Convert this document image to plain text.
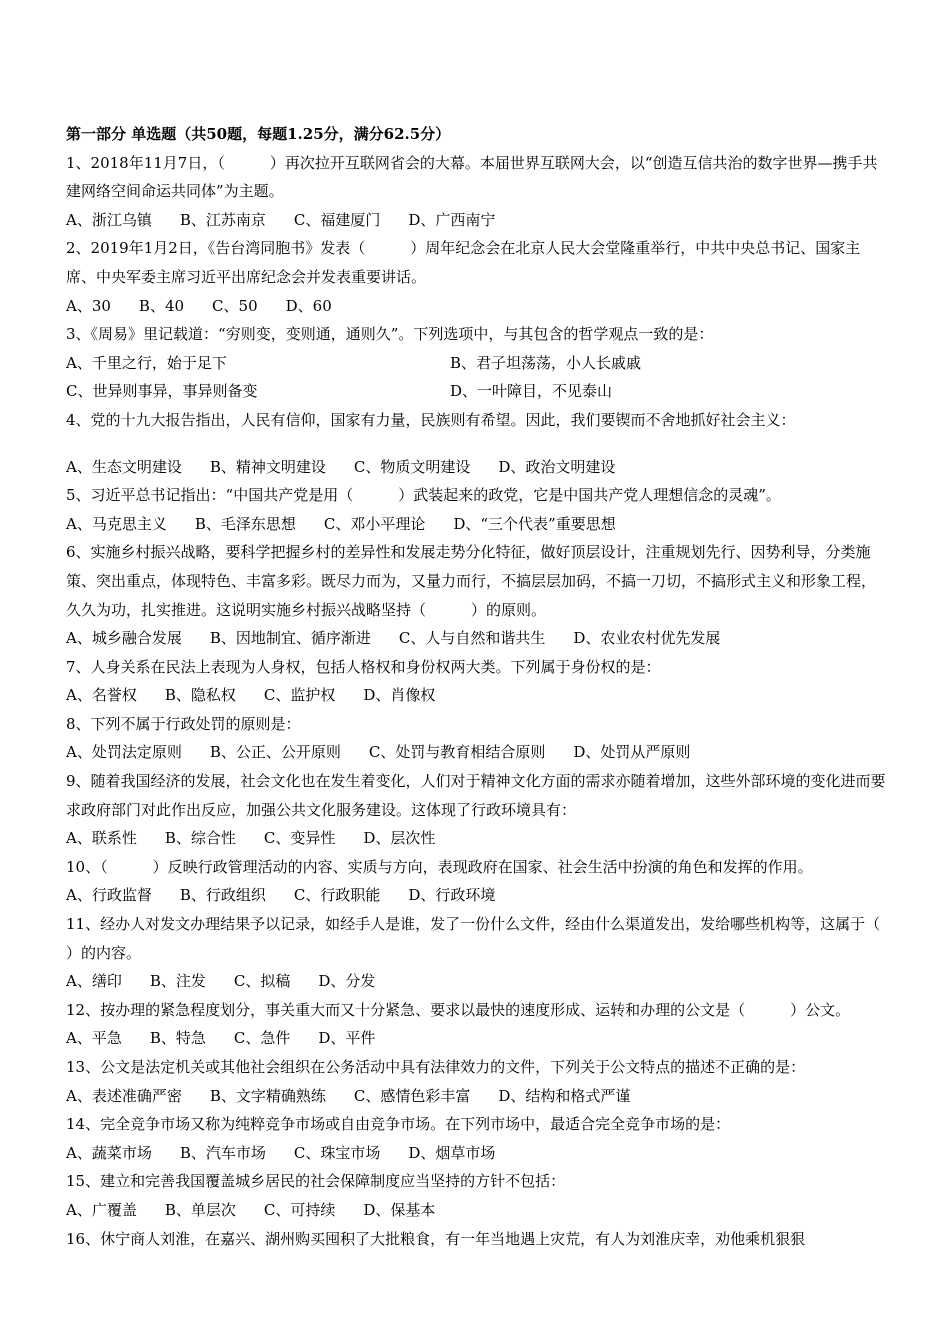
第一部分 单选题（共50题，每题1.25分，满分62.5分）
1、2018年11月7日，（　　　）再次拉开互联网省会的大幕。本届世界互联网大会，以“创造互信共治的数字世界—携手共建网络空间命运共同体”为主题。
A、浙江乌镇 B、江苏南京 C、福建厦门 D、广西南宁
2、2019年1月2日，《告台湾同胞书》发表（　　　）周年纪念会在北京人民大会堂隆重举行，中共中央总书记、国家主席、中央军委主席习近平出席纪念会并发表重要讲话。
A、30 B、40 C、50 D、60
3、《周易》里记载道：“穷则变，变则通，通则久”。下列选项中，与其包含的哲学观点一致的是：
A、千里之行，始于足下	B、君子坦荡荡，小人长戚戚
C、世异则事异，事异则备变	D、一叶障目，不见泰山
4、党的十九大报告指出，人民有信仰，国家有力量，民族则有希望。因此，我们要锲而不舍地抓好社会主义：
A、生态文明建设 B、精神文明建设 C、物质文明建设 D、政治文明建设
5、习近平总书记指出：“中国共产党是用（　　　）武装起来的政党，它是中国共产党人理想信念的灵魂”。
A、马克思主义 B、毛泽东思想 C、邓小平理论 D、“三个代表”重要思想
6、实施乡村振兴战略，要科学把握乡村的差异性和发展走势分化特征，做好顶层设计，注重规划先行、因势利导，分类施策、突出重点，体现特色、丰富多彩。既尽力而为，又量力而行，不搞层层加码，不搞一刀切，不搞形式主义和形象工程，久久为功，扎实推进。这说明实施乡村振兴战略坚持（　　　）的原则。
A、城乡融合发展 B、因地制宜、循序渐进 C、人与自然和谐共生 D、农业农村优先发展
7、人身关系在民法上表现为人身权，包括人格权和身份权两大类。下列属于身份权的是：
A、名誉权 B、隐私权 C、监护权 D、肖像权
8、下列不属于行政处罚的原则是：
A、处罚法定原则 B、公正、公开原则 C、处罚与教育相结合原则 D、处罚从严原则
9、随着我国经济的发展，社会文化也在发生着变化，人们对于精神文化方面的需求亦随着增加，这些外部环境的变化进而要求政府部门对此作出反应，加强公共文化服务建设。这体现了行政环境具有：
A、联系性 B、综合性 C、变异性 D、层次性
10、（　　　）反映行政管理活动的内容、实质与方向，表现政府在国家、社会生活中扮演的角色和发挥的作用。
A、行政监督 B、行政组织 C、行政职能 D、行政环境
11、经办人对发文办理结果予以记录，如经手人是谁，发了一份什么文件，经由什么渠道发出，发给哪些机构等，这属于（　　　）的内容。
A、缮印 B、注发 C、拟稿 D、分发
12、按办理的紧急程度划分，事关重大而又十分紧急、要求以最快的速度形成、运转和办理的公文是（　　　）公文。
A、平急 B、特急 C、急件 D、平件
13、公文是法定机关或其他社会组织在公务活动中具有法律效力的文件，下列关于公文特点的描述不正确的是：
A、表述准确严密 B、文字精确熟练 C、感情色彩丰富 D、结构和格式严谨
14、完全竞争市场又称为纯粹竞争市场或自由竞争市场。在下列市场中，最适合完全竞争市场的是：
A、蔬菜市场 B、汽车市场 C、珠宝市场 D、烟草市场
15、建立和完善我国覆盖城乡居民的社会保障制度应当坚持的方针不包括：
A、广覆盖 B、单层次 C、可持续 D、保基本
16、休宁商人刘淮，在嘉兴、湖州购买囤积了大批粮食，有一年当地遇上灾荒，有人为刘淮庆幸，劝他乘机狠狠
